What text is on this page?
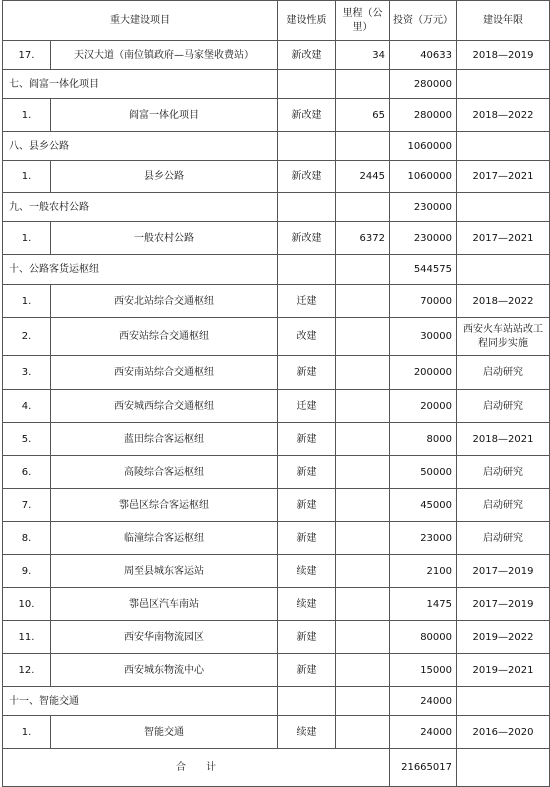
重大建设项目		建设性质	里程（公里）	投资（万元）	建设年限
17.	天汉大道（南位镇政府—马家堡收费站）	新改建	34	40633	2018—2019
七、阎富一体化项目				280000	
1.	阎富一体化项目	新改建	65	280000	2018—2022
八、县乡公路				1060000	
1.	县乡公路	新改建	2445	1060000	2017—2021
九、一般农村公路				230000	
1.	一般农村公路	新改建	6372	230000	2017—2021
十、公路客货运枢纽				544575	
1.	西安北站综合交通枢纽	迁建		70000	2018—2022
2.	西安站综合交通枢纽	改建		30000	西安火车站站改工程同步实施
3.	西安南站综合交通枢纽	新建		200000	启动研究
4.	西安城西综合交通枢纽	迁建		20000	启动研究
5.	蓝田综合客运枢纽	新建		8000	2018—2021
6.	高陵综合客运枢纽	新建		50000	启动研究
7.	鄠邑区综合客运枢纽	新建		45000	启动研究
8.	临潼综合客运枢纽	新建		23000	启动研究
9.	周至县城东客运站	续建		2100	2017—2019
10.	鄠邑区汽车南站	续建		1475	2017—2019
11.	西安华南物流园区	新建		80000	2019—2022
12.	西安城东物流中心	新建		15000	2019—2021
十一、智能交通				24000	
1.	智能交通	续建		24000	2016—2020
合　　计				21665017	
